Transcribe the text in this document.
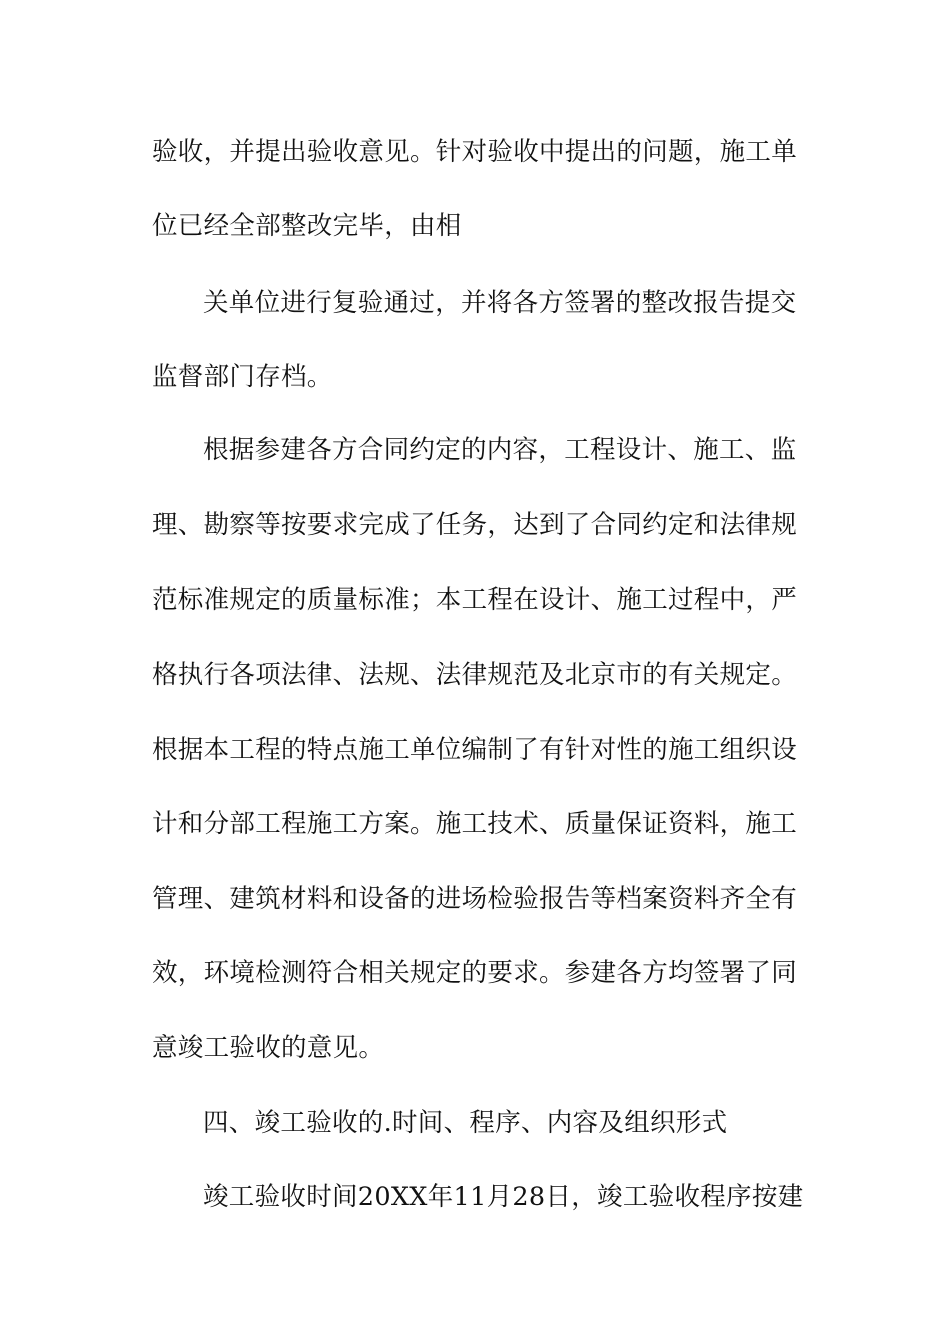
验收，并提出验收意见。针对验收中提出的问题，施工单
位已经全部整改完毕，由相
关单位进行复验通过，并将各方签署的整改报告提交
监督部门存档。
根据参建各方合同约定的内容，工程设计、施工、监
理、勘察等按要求完成了任务，达到了合同约定和法律规
范标准规定的质量标准；本工程在设计、施工过程中，严
格执行各项法律、法规、法律规范及北京市的有关规定。
根据本工程的特点施工单位编制了有针对性的施工组织设
计和分部工程施工方案。施工技术、质量保证资料，施工
管理、建筑材料和设备的进场检验报告等档案资料齐全有
效，环境检测符合相关规定的要求。参建各方均签署了同
意竣工验收的意见。
四、竣工验收的.时间、程序、内容及组织形式
竣工验收时间20XX年11月28日，竣工验收程序按建
